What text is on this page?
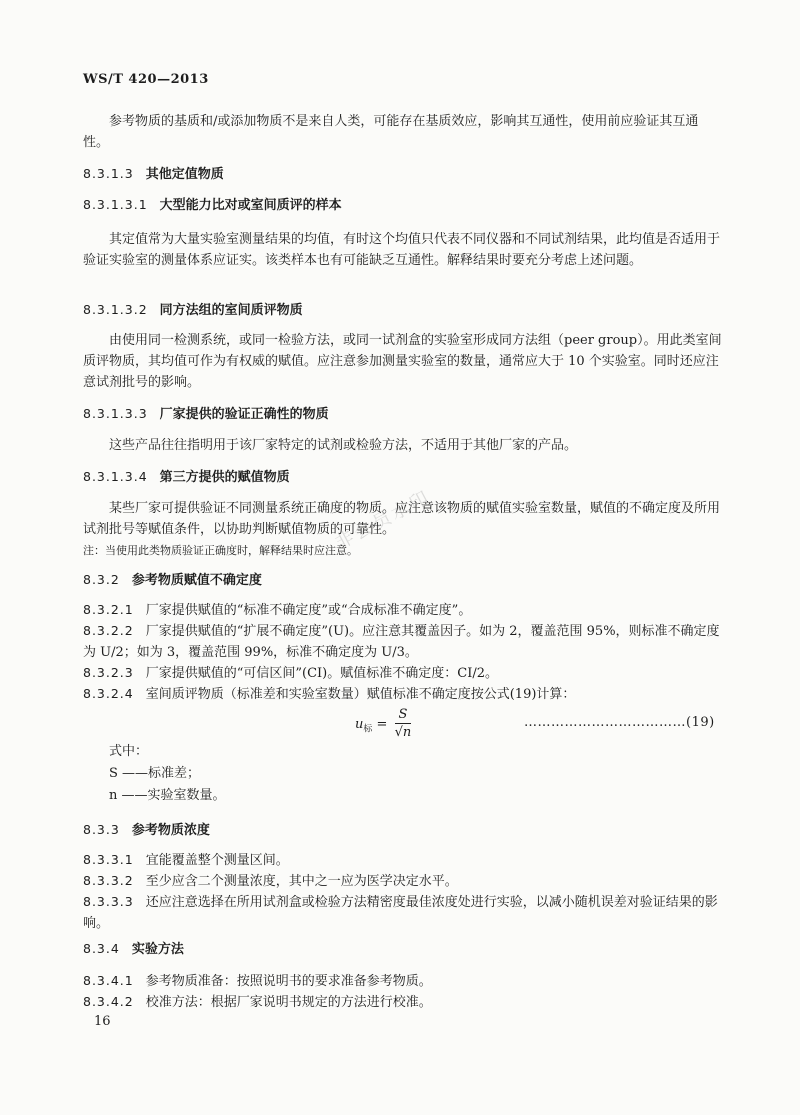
WS/T 420—2013
非会员水印
参考物质的基质和/或添加物质不是来自人类，可能存在基质效应，影响其互通性，使用前应验证其互通性。
8.3.1.3 其他定值物质
8.3.1.3.1 大型能力比对或室间质评的样本
其定值常为大量实验室测量结果的均值，有时这个均值只代表不同仪器和不同试剂结果，此均值是否适用于验证实验室的测量体系应证实。该类样本也有可能缺乏互通性。解释结果时要充分考虑上述问题。
8.3.1.3.2 同方法组的室间质评物质
由使用同一检测系统，或同一检验方法，或同一试剂盒的实验室形成同方法组（peer group）。用此类室间质评物质，其均值可作为有权威的赋值。应注意参加测量实验室的数量，通常应大于 10 个实验室。同时还应注意试剂批号的影响。
8.3.1.3.3 厂家提供的验证正确性的物质
这些产品往往指明用于该厂家特定的试剂或检验方法，不适用于其他厂家的产品。
8.3.1.3.4 第三方提供的赋值物质
某些厂家可提供验证不同测量系统正确度的物质。应注意该物质的赋值实验室数量，赋值的不确定度及所用试剂批号等赋值条件，以协助判断赋值物质的可靠性。
注：当使用此类物质验证正确度时，解释结果时应注意。
8.3.2 参考物质赋值不确定度
8.3.2.1 厂家提供赋值的“标准不确定度”或“合成标准不确定度”。
8.3.2.2 厂家提供赋值的“扩展不确定度”(U)。应注意其覆盖因子。如为 2，覆盖范围 95%，则标准不确定度为 U/2；如为 3，覆盖范围 99%，标准不确定度为 U/3。
8.3.2.3 厂家提供赋值的“可信区间”(CI)。赋值标准不确定度：CI/2。
8.3.2.4 室间质评物质（标准差和实验室数量）赋值标准不确定度按公式(19)计算：
$u_标 = \frac{S}{√n}$	………………………………(19)
式中：
S ——标准差；
n ——实验室数量。
8.3.3 参考物质浓度
8.3.3.1 宜能覆盖整个测量区间。
8.3.3.2 至少应含二个测量浓度，其中之一应为医学决定水平。
8.3.3.3 还应注意选择在所用试剂盒或检验方法精密度最佳浓度处进行实验，以减小随机误差对验证结果的影响。
8.3.4 实验方法
8.3.4.1 参考物质准备：按照说明书的要求准备参考物质。
8.3.4.2 校准方法：根据厂家说明书规定的方法进行校准。
16
